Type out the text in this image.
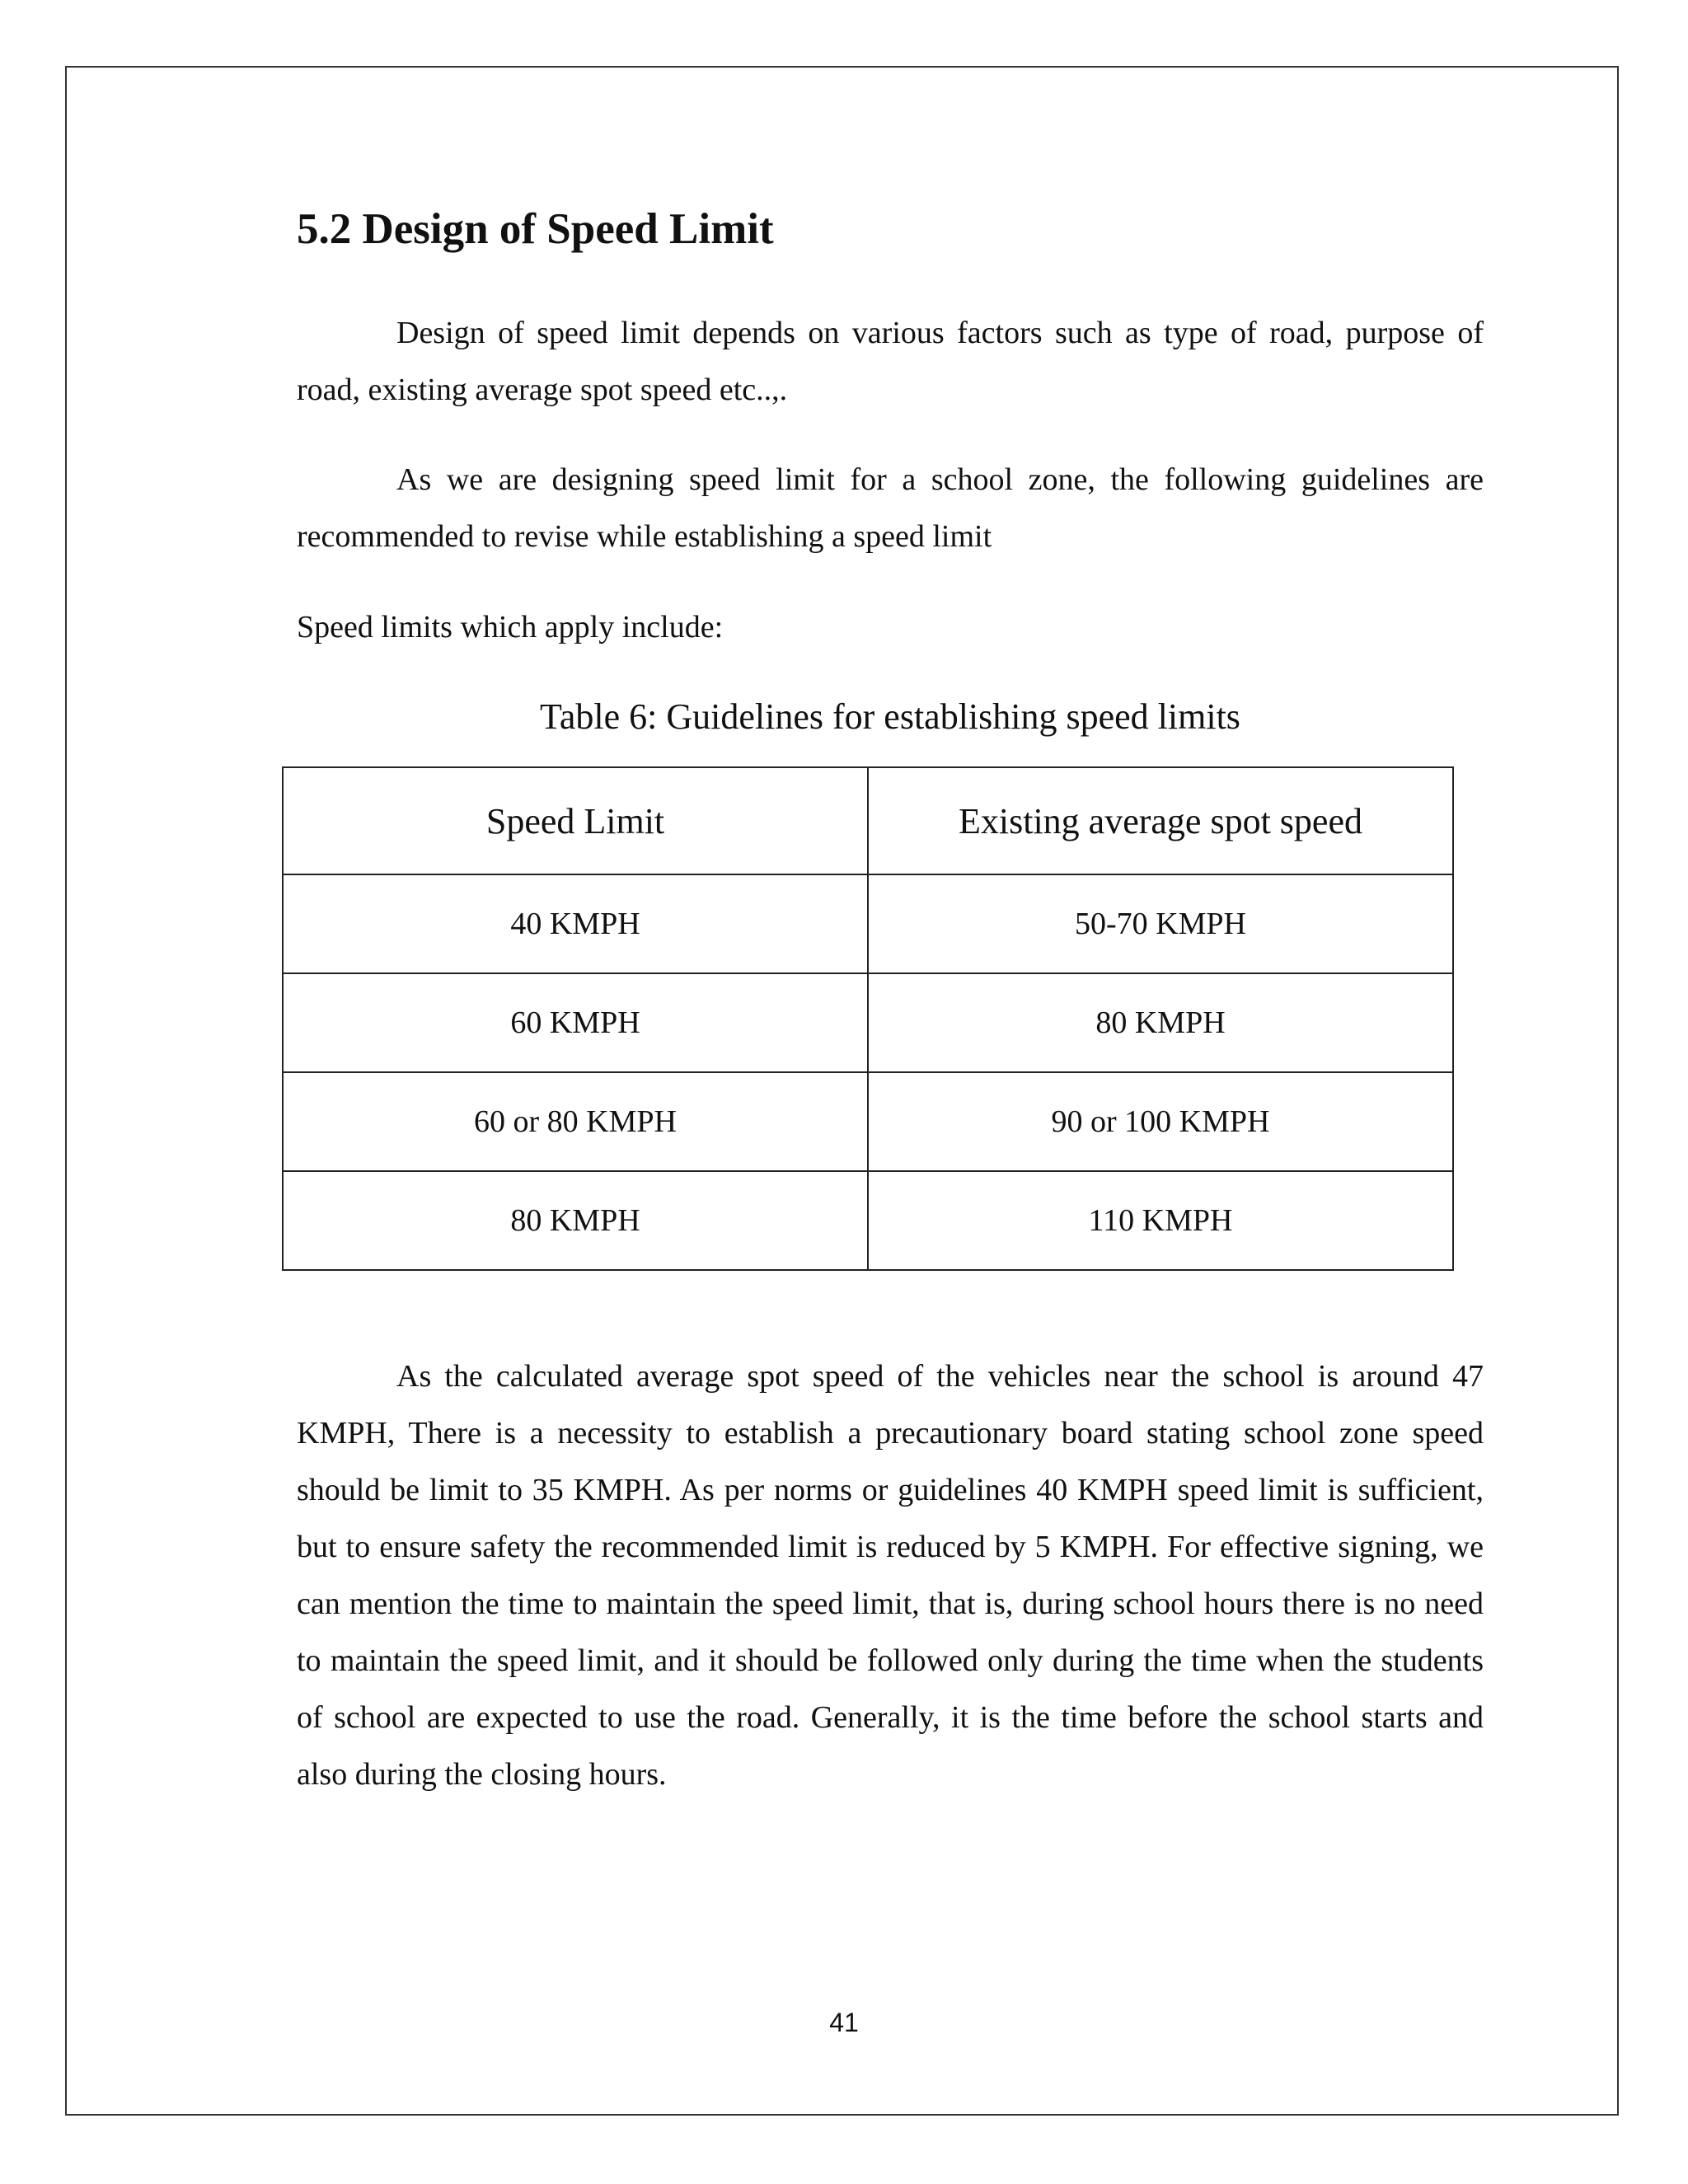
5.2 Design of Speed Limit

Design of speed limit depends on various factors such as type of road, purpose of road, existing average spot speed etc..,.

As we are designing speed limit for a school zone, the following guidelines are recommended to revise while establishing a speed limit

Speed limits which apply include:

Table 6: Guidelines for establishing speed limits

Speed Limit	Existing average spot speed
40 KMPH	50-70 KMPH
60 KMPH	80 KMPH
60 or 80 KMPH	90 or 100 KMPH
80 KMPH	110 KMPH

As the calculated average spot speed of the vehicles near the school is around 47 KMPH, There is a necessity to establish a precautionary board stating school zone speed should be limit to 35 KMPH. As per norms or guidelines 40 KMPH speed limit is sufficient, but to ensure safety the recommended limit is reduced by 5 KMPH. For effective signing, we can mention the time to maintain the speed limit, that is, during school hours there is no need to maintain the speed limit, and it should be followed only during the time when the students of school are expected to use the road. Generally, it is the time before the school starts and also during the closing hours.

41
